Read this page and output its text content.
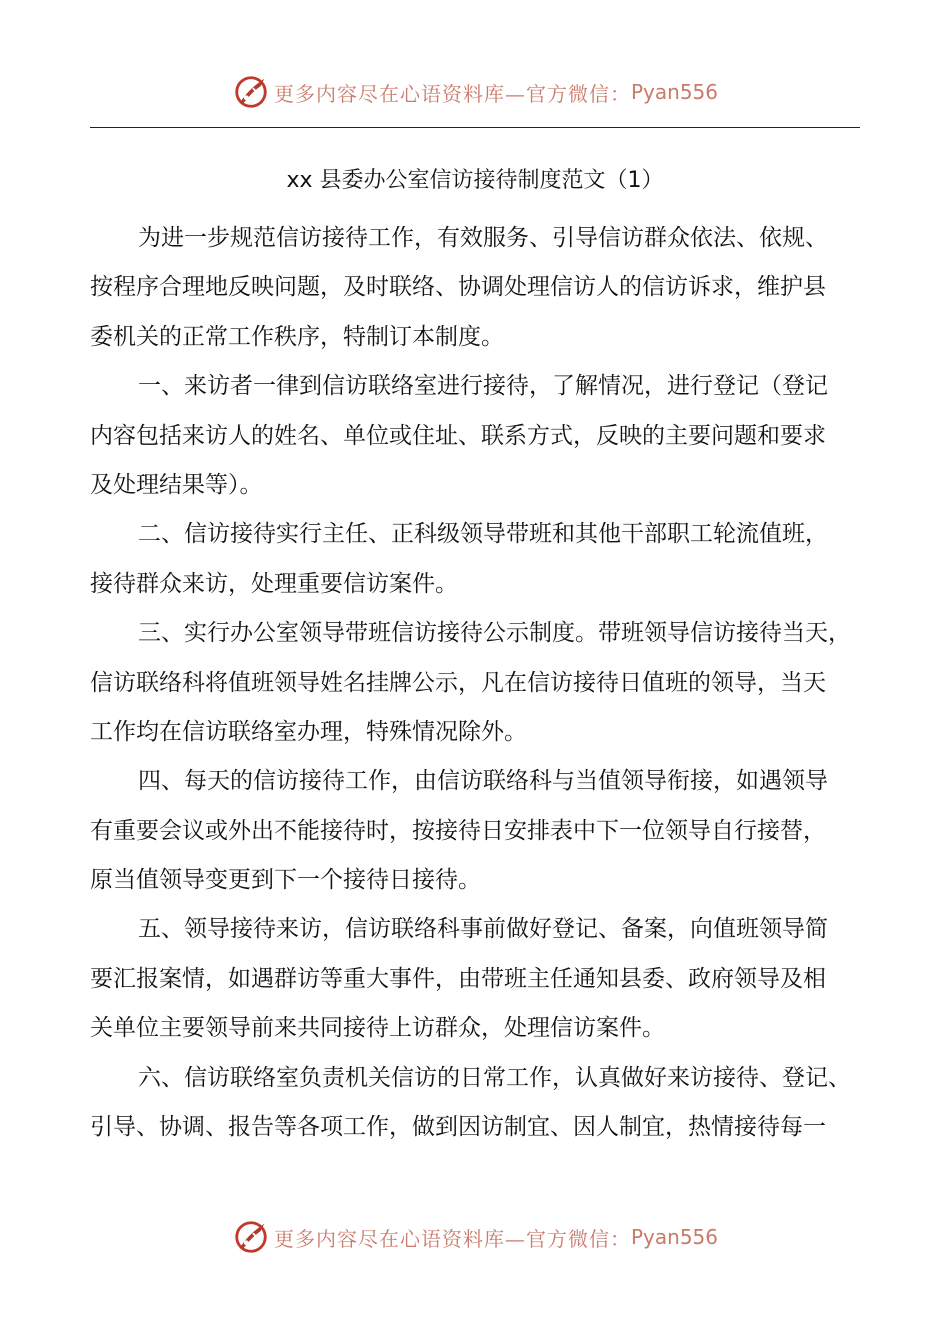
更多内容尽在心语资料库—官方微信： Pyan556
xx 县委办公室信访接待制度范文（1）
为进一步规范信访接待工作，有效服务、引导信访群众依法、依规、
按程序合理地反映问题，及时联络、协调处理信访人的信访诉求，维护县
委机关的正常工作秩序，特制订本制度。
一、来访者一律到信访联络室进行接待，了解情况，进行登记（登记
内容包括来访人的姓名、单位或住址、联系方式，反映的主要问题和要求
及处理结果等）。
二、信访接待实行主任、正科级领导带班和其他干部职工轮流值班，
接待群众来访，处理重要信访案件。
三、实行办公室领导带班信访接待公示制度。带班领导信访接待当天，
信访联络科将值班领导姓名挂牌公示，凡在信访接待日值班的领导，当天
工作均在信访联络室办理，特殊情况除外。
四、每天的信访接待工作，由信访联络科与当值领导衔接，如遇领导
有重要会议或外出不能接待时，按接待日安排表中下一位领导自行接替，
原当值领导变更到下一个接待日接待。
五、领导接待来访，信访联络科事前做好登记、备案，向值班领导简
要汇报案情，如遇群访等重大事件，由带班主任通知县委、政府领导及相
关单位主要领导前来共同接待上访群众，处理信访案件。
六、信访联络室负责机关信访的日常工作，认真做好来访接待、登记、
引导、协调、报告等各项工作，做到因访制宜、因人制宜，热情接待每一
更多内容尽在心语资料库—官方微信： Pyan556
